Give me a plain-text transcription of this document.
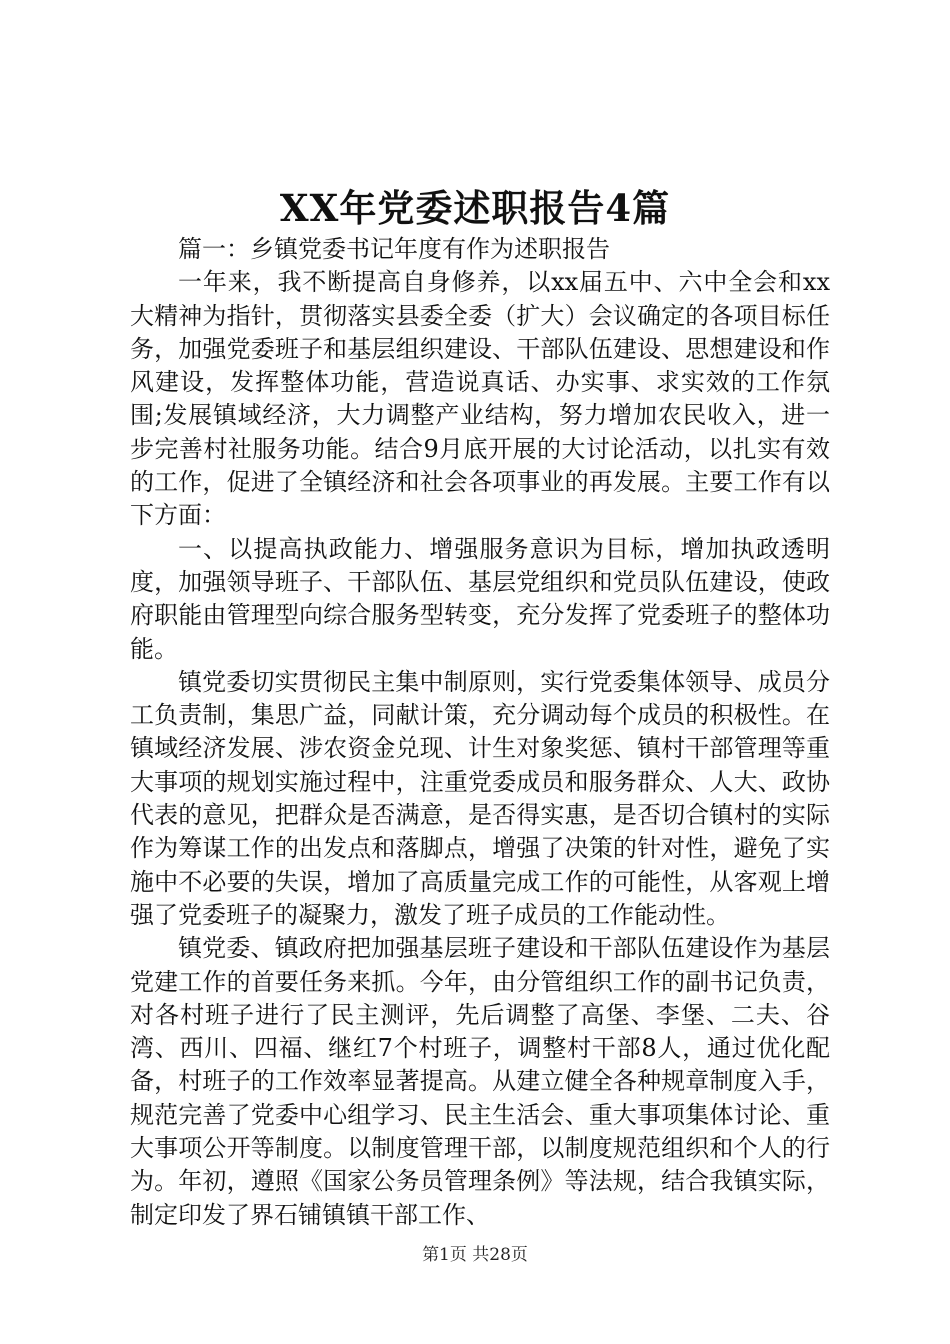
XX年党委述职报告4篇

篇一：乡镇党委书记年度有作为述职报告

一年来，我不断提高自身修养，以xx届五中、六中全会和xx大精神为指针，贯彻落实县委全委（扩大）会议确定的各项目标任务，加强党委班子和基层组织建设、干部队伍建设、思想建设和作风建设，发挥整体功能，营造说真话、办实事、求实效的工作氛围;发展镇域经济，大力调整产业结构，努力增加农民收入，进一步完善村社服务功能。结合9月底开展的大讨论活动，以扎实有效的工作，促进了全镇经济和社会各项事业的再发展。主要工作有以下方面：

一、以提高执政能力、增强服务意识为目标，增加执政透明度，加强领导班子、干部队伍、基层党组织和党员队伍建设，使政府职能由管理型向综合服务型转变，充分发挥了党委班子的整体功能。

镇党委切实贯彻民主集中制原则，实行党委集体领导、成员分工负责制，集思广益，同献计策，充分调动每个成员的积极性。在镇域经济发展、涉农资金兑现、计生对象奖惩、镇村干部管理等重大事项的规划实施过程中，注重党委成员和服务群众、人大、政协代表的意见，把群众是否满意，是否得实惠，是否切合镇村的实际作为筹谋工作的出发点和落脚点，增强了决策的针对性，避免了实施中不必要的失误，增加了高质量完成工作的可能性，从客观上增强了党委班子的凝聚力，激发了班子成员的工作能动性。

镇党委、镇政府把加强基层班子建设和干部队伍建设作为基层党建工作的首要任务来抓。今年，由分管组织工作的副书记负责，对各村班子进行了民主测评，先后调整了高堡、李堡、二夫、谷湾、西川、四福、继红7个村班子，调整村干部8人，通过优化配备，村班子的工作效率显著提高。从建立健全各种规章制度入手，规范完善了党委中心组学习、民主生活会、重大事项集体讨论、重大事项公开等制度。以制度管理干部，以制度规范组织和个人的行为。年初，遵照《国家公务员管理条例》等法规，结合我镇实际，制定印发了界石铺镇镇干部工作、

第1页 共28页
